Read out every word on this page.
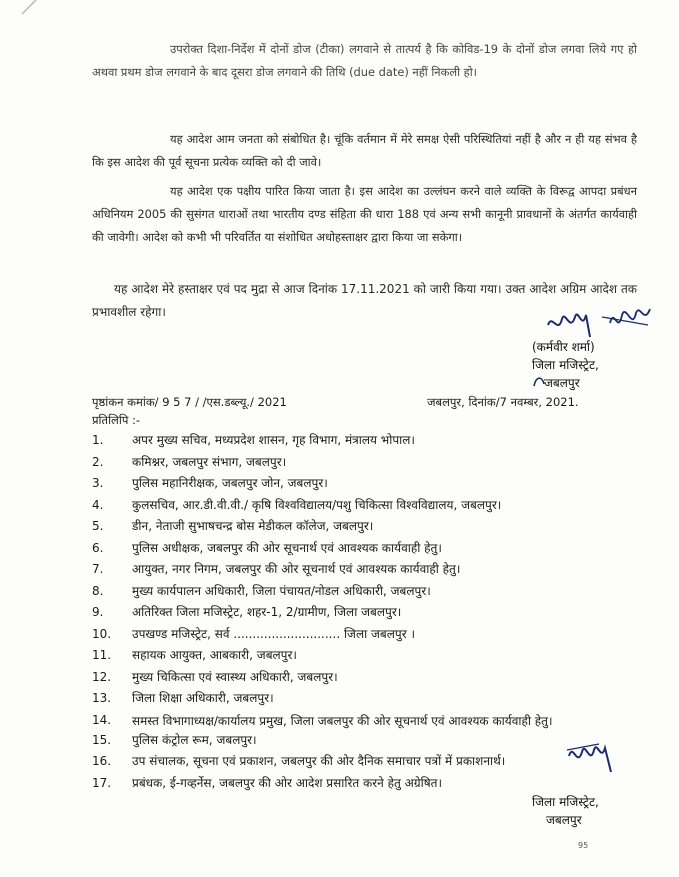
उपरोक्त दिशा-निर्देश में दोनों डोज (टीका) लगवाने से तात्पर्य है कि कोविड-19 के दोनों डोज लगवा लिये गए हो अथवा प्रथम डोज लगवाने के बाद दूसरा डोज लगवाने की तिथि (due date) नहीं निकली हो।

यह आदेश आम जनता को संबोधित है। चूंकि वर्तमान में मेरे समक्ष ऐसी परिस्थितियां नहीं है और न ही यह संभव है कि इस आदेश की पूर्व सूचना प्रत्येक व्यक्ति को दी जावे।

यह आदेश एक पक्षीय पारित किया जाता है। इस आदेश का उल्लंघन करने वाले व्यक्ति के विरूद्व आपदा प्रबंधन अधिनियम 2005 की सुसंगत धाराओं तथा भारतीय दण्ड संहिता की धारा 188 एवं अन्य सभी कानूनी प्रावधानों के अंतर्गत कार्यवाही की जावेगी। आदेश को कभी भी परिवर्तित या संशोधित अधोहस्ताक्षर द्वारा किया जा सकेगा।

यह आदेश मेरे हस्ताक्षर एवं पद मुद्रा से आज दिनांक 17.11.2021 को जारी किया गया। उक्त आदेश अग्रिम आदेश तक प्रभावशील रहेगा।

(कर्मवीर शर्मा)
जिला मजिस्ट्रेट,
जबलपुर
पृष्ठांकन कमांक/ 9 5 7 / /एस.डब्ल्यू./ 2021	जबलपुर, दिनांक/7 नवम्बर, 2021.
प्रतिलिपि :-
1.	अपर मुख्य सचिव, मध्यप्रदेश शासन, गृह विभाग, मंत्रालय भोपाल।
2.	कमिश्नर, जबलपुर संभाग, जबलपुर।
3.	पुलिस महानिरीक्षक, जबलपुर जोन, जबलपुर।
4.	कुलसचिव, आर.डी.वी.वी./ कृषि विश्वविद्यालय/पशु चिकित्सा विश्वविद्यालय, जबलपुर।
5.	डीन, नेताजी सुभाषचन्द्र बोस मेडीकल कॉलेज, जबलपुर।
6.	पुलिस अधीक्षक, जबलपुर की ओर सूचनार्थ एवं आवश्यक कार्यवाही हेतु।
7.	आयुक्त, नगर निगम, जबलपुर की ओर सूचनार्थ एवं आवश्यक कार्यवाही हेतु।
8.	मुख्य कार्यपालन अधिकारी, जिला पंचायत/नोडल अधिकारी, जबलपुर।
9.	अतिरिक्त जिला मजिस्ट्रेट, शहर-1, 2/ग्रामीण, जिला जबलपुर।
10.	उपखण्ड मजिस्ट्रेट, सर्व ............................ जिला जबलपुर ।
11.	सहायक आयुक्त, आबकारी, जबलपुर।
12.	मुख्य चिकित्सा एवं स्वास्थ्य अधिकारी, जबलपुर।
13.	जिला शिक्षा अधिकारी, जबलपुर।
14.	समस्त विभागाध्यक्ष/कार्यालय प्रमुख, जिला जबलपुर की ओर सूचनार्थ एवं आवश्यक कार्यवाही हेतु।
15.	पुलिस कंट्रोल रूम, जबलपुर।
16.	उप संचालक, सूचना एवं प्रकाशन, जबलपुर की ओर दैनिक समाचार पत्रों में प्रकाशनार्थ।
17.	प्रबंधक, ई-गव्हर्नेस, जबलपुर की ओर आदेश प्रसारित करने हेतु अग्रेषित।
जिला मजिस्ट्रेट,
जबलपुर
95
